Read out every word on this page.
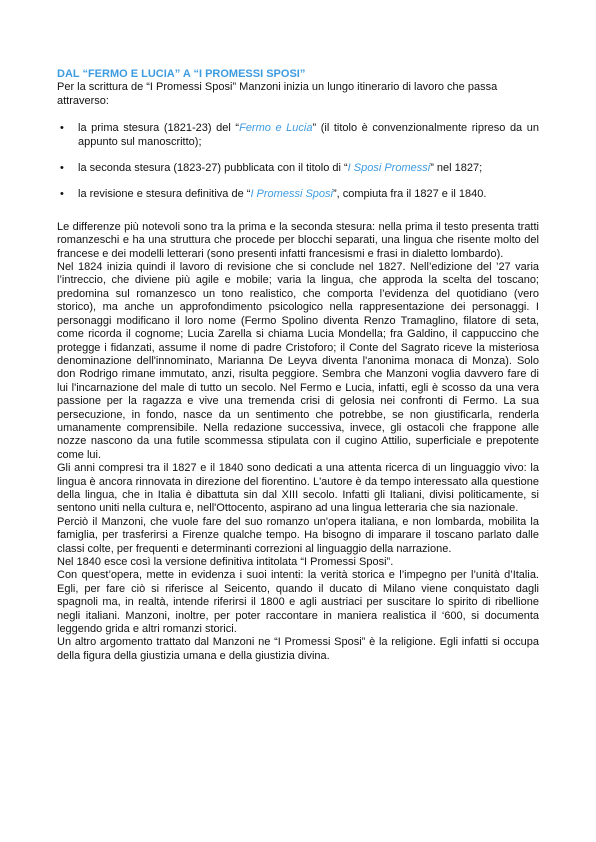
DAL “FERMO E LUCIA” A “I PROMESSI SPOSI”

Per la scrittura de “I Promessi Sposi” Manzoni inizia un lungo itinerario di lavoro che passa attraverso:

• la prima stesura (1821-23) del “Fermo e Lucia” (il titolo è convenzionalmente ripreso da un appunto sul manoscritto);
• la seconda stesura (1823-27) pubblicata con il titolo di “I Sposi Promessi” nel 1827;
• la revisione e stesura definitiva de “I Promessi Sposi”, compiuta fra il 1827 e il 1840.

Le differenze più notevoli sono tra la prima e la seconda stesura: nella prima il testo presenta tratti romanzeschi e ha una struttura che procede per blocchi separati, una lingua che risente molto del francese e dei modelli letterari (sono presenti infatti francesismi e frasi in dialetto lombardo).

Nel 1824 inizia quindi il lavoro di revisione che si conclude nel 1827. Nell’edizione del ’27 varia l’intreccio, che diviene più agile e mobile; varia la lingua, che approda la scelta del toscano; predomina sul romanzesco un tono realistico, che comporta l’evidenza del quotidiano (vero storico), ma anche un approfondimento psicologico nella rappresentazione dei personaggi. I personaggi modificano il loro nome (Fermo Spolino diventa Renzo Tramaglino, filatore di seta, come ricorda il cognome; Lucia Zarella si chiama Lucia Mondella; fra Galdino, il cappuccino che protegge i fidanzati, assume il nome di padre Cristoforo; il Conte del Sagrato riceve la misteriosa denominazione dell'innominato, Marianna De Leyva diventa l'anonima monaca di Monza). Solo don Rodrigo rimane immutato, anzi, risulta peggiore. Sembra che Manzoni voglia davvero fare di lui l'incarnazione del male di tutto un secolo. Nel Fermo e Lucia, infatti, egli è scosso da una vera passione per la ragazza e vive una tremenda crisi di gelosia nei confronti di Fermo. La sua persecuzione, in fondo, nasce da un sentimento che potrebbe, se non giustificarla, renderla umanamente comprensibile. Nella redazione successiva, invece, gli ostacoli che frappone alle nozze nascono da una futile scommessa stipulata con il cugino Attilio, superficiale e prepotente come lui.

Gli anni compresi tra il 1827 e il 1840 sono dedicati a una attenta ricerca di un linguaggio vivo: la lingua è ancora rinnovata in direzione del fiorentino. L'autore è da tempo interessato alla questione della lingua, che in Italia è dibattuta sin dal XIII secolo. Infatti gli Italiani, divisi politicamente, si sentono uniti nella cultura e, nell'Ottocento, aspirano ad una lingua letteraria che sia nazionale.

Perciò il Manzoni, che vuole fare del suo romanzo un'opera italiana, e non lombarda, mobilita la famiglia, per trasferirsi a Firenze qualche tempo. Ha bisogno di imparare il toscano parlato dalle classi colte, per frequenti e determinanti correzioni al linguaggio della narrazione.

Nel 1840 esce così la versione definitiva intitolata “I Promessi Sposi”.

Con quest’opera, mette in evidenza i suoi intenti: la verità storica e l’impegno per l’unità d’Italia. Egli, per fare ciò si riferisce al Seicento, quando il ducato di Milano viene conquistato dagli spagnoli ma, in realtà, intende riferirsi il 1800 e agli austriaci per suscitare lo spirito di ribellione negli italiani. Manzoni, inoltre, per poter raccontare in maniera realistica il ‘600, si documenta leggendo grida e altri romanzi storici.

Un altro argomento trattato dal Manzoni ne “I Promessi Sposi” è la religione. Egli infatti si occupa della figura della giustizia umana e della giustizia divina.
